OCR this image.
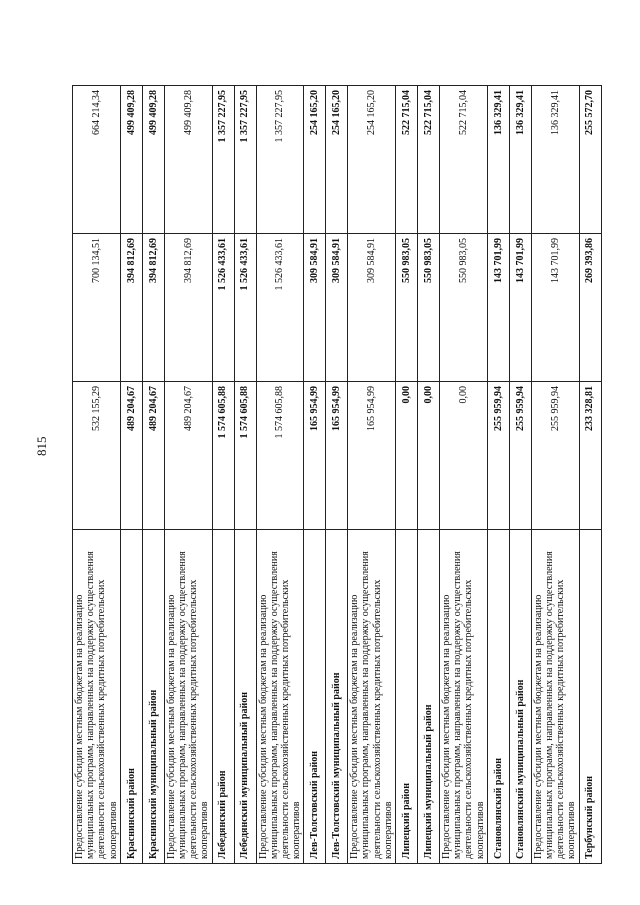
815
Предоставление субсидии местным бюджетам на реализацию муниципальных программ, направленных на поддержку осуществления деятельности сельскохозяйственных кредитных потребительских кооперативов	532 155,29	700 134,51	664 214,34
Краснинский район	489 204,67	394 812,69	499 409,28
Краснинский муниципальный район	489 204,67	394 812,69	499 409,28
Предоставление субсидии местным бюджетам на реализацию муниципальных программ, направленных на поддержку осуществления деятельности сельскохозяйственных кредитных потребительских кооперативов	489 204,67	394 812,69	499 409,28
Лебедянский район	1 574 605,88	1 526 433,61	1 357 227,95
Лебедянский муниципальный район	1 574 605,88	1 526 433,61	1 357 227,95
Предоставление субсидии местным бюджетам на реализацию муниципальных программ, направленных на поддержку осуществления деятельности сельскохозяйственных кредитных потребительских кооперативов	1 574 605,88	1 526 433,61	1 357 227,95
Лев-Толстовский район	165 954,99	309 584,91	254 165,20
Лев-Толстовский муниципальный район	165 954,99	309 584,91	254 165,20
Предоставление субсидии местным бюджетам на реализацию муниципальных программ, направленных на поддержку осуществления деятельности сельскохозяйственных кредитных потребительских кооперативов	165 954,99	309 584,91	254 165,20
Липецкий район	0,00	550 983,05	522 715,04
Липецкий муниципальный район	0,00	550 983,05	522 715,04
Предоставление субсидии местным бюджетам на реализацию муниципальных программ, направленных на поддержку осуществления деятельности сельскохозяйственных кредитных потребительских кооперативов	0,00	550 983,05	522 715,04
Становлянский район	255 959,94	143 701,99	136 329,41
Становлянский муниципальный район	255 959,94	143 701,99	136 329,41
Предоставление субсидии местным бюджетам на реализацию муниципальных программ, направленных на поддержку осуществления деятельности сельскохозяйственных кредитных потребительских кооперативов	255 959,94	143 701,99	136 329,41
Тербунский район	233 328,81	269 393,86	255 572,70
